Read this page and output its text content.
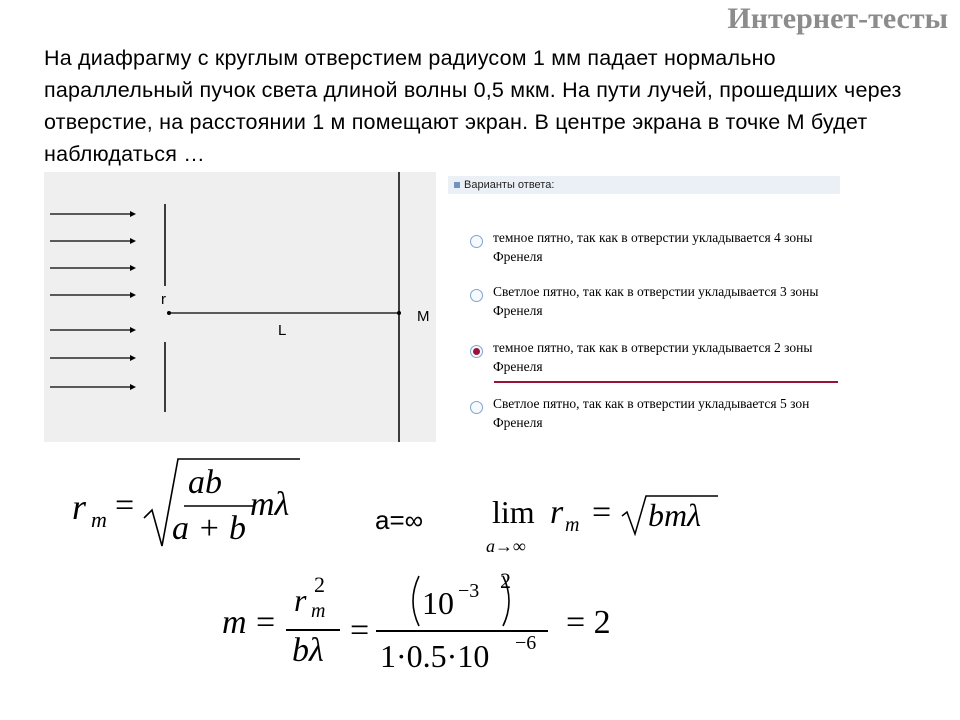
Интернет-тесты
На диафрагму с круглым отверстием радиусом 1 мм падает нормально параллельный пучок света длиной волны 0,5 мкм. На пути лучей, прошедших через отверстие, на расстоянии 1 м помещают экран. В центре экрана в точке М будет наблюдаться …
r
L
M
Варианты ответа:
темное пятно, так как в отверстии укладывается 4 зоны Френеля
Светлое пятно, так как в отверстии укладывается 3 зоны Френеля
темное пятно, так как в отверстии укладывается 2 зоны Френеля
Светлое пятно, так как в отверстии укладывается 5 зон Френеля
r m =
ab
a + b
mλ	a=∞ lim
a→∞
r m = bmλ
m =
r 2
m
bλ
=
10 −3 2
1·0.5·10 −6
= 2
